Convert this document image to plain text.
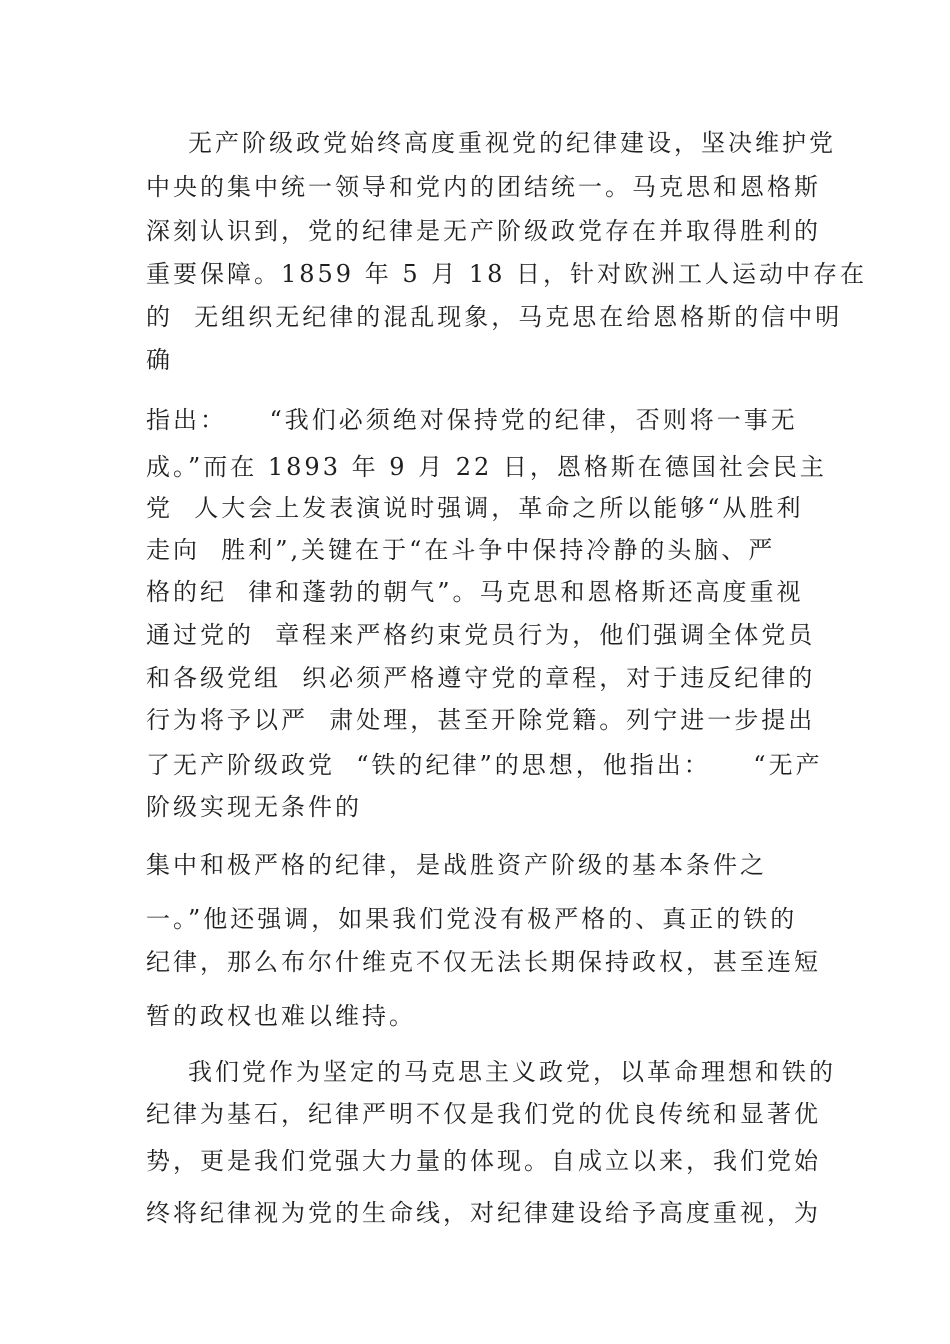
无产阶级政党始终高度重视党的纪律建设，坚决维护党
中央的集中统一领导和党内的团结统一。马克思和恩格斯
深刻认识到，党的纪律是无产阶级政党存在并取得胜利的
重要保障。1859 年 5 月 18 日，针对欧洲工人运动中存在
的  无组织无纪律的混乱现象，马克思在给恩格斯的信中明
确
指出：    “我们必须绝对保持党的纪律，否则将一事无
成。”而在 1893 年 9 月 22 日，恩格斯在德国社会民主
党  人大会上发表演说时强调，革命之所以能够“从胜利
走向  胜利”,关键在于“在斗争中保持冷静的头脑、严
格的纪  律和蓬勃的朝气”。马克思和恩格斯还高度重视
通过党的  章程来严格约束党员行为，他们强调全体党员
和各级党组  织必须严格遵守党的章程，对于违反纪律的
行为将予以严  肃处理，甚至开除党籍。列宁进一步提出
了无产阶级政党  “铁的纪律”的思想，他指出：    “无产
阶级实现无条件的
集中和极严格的纪律，是战胜资产阶级的基本条件之
一。”他还强调，如果我们党没有极严格的、真正的铁的
纪律，那么布尔什维克不仅无法长期保持政权，甚至连短
暂的政权也难以维持。
我们党作为坚定的马克思主义政党，以革命理想和铁的
纪律为基石，纪律严明不仅是我们党的优良传统和显著优
势，更是我们党强大力量的体现。自成立以来，我们党始
终将纪律视为党的生命线，对纪律建设给予高度重视，为
